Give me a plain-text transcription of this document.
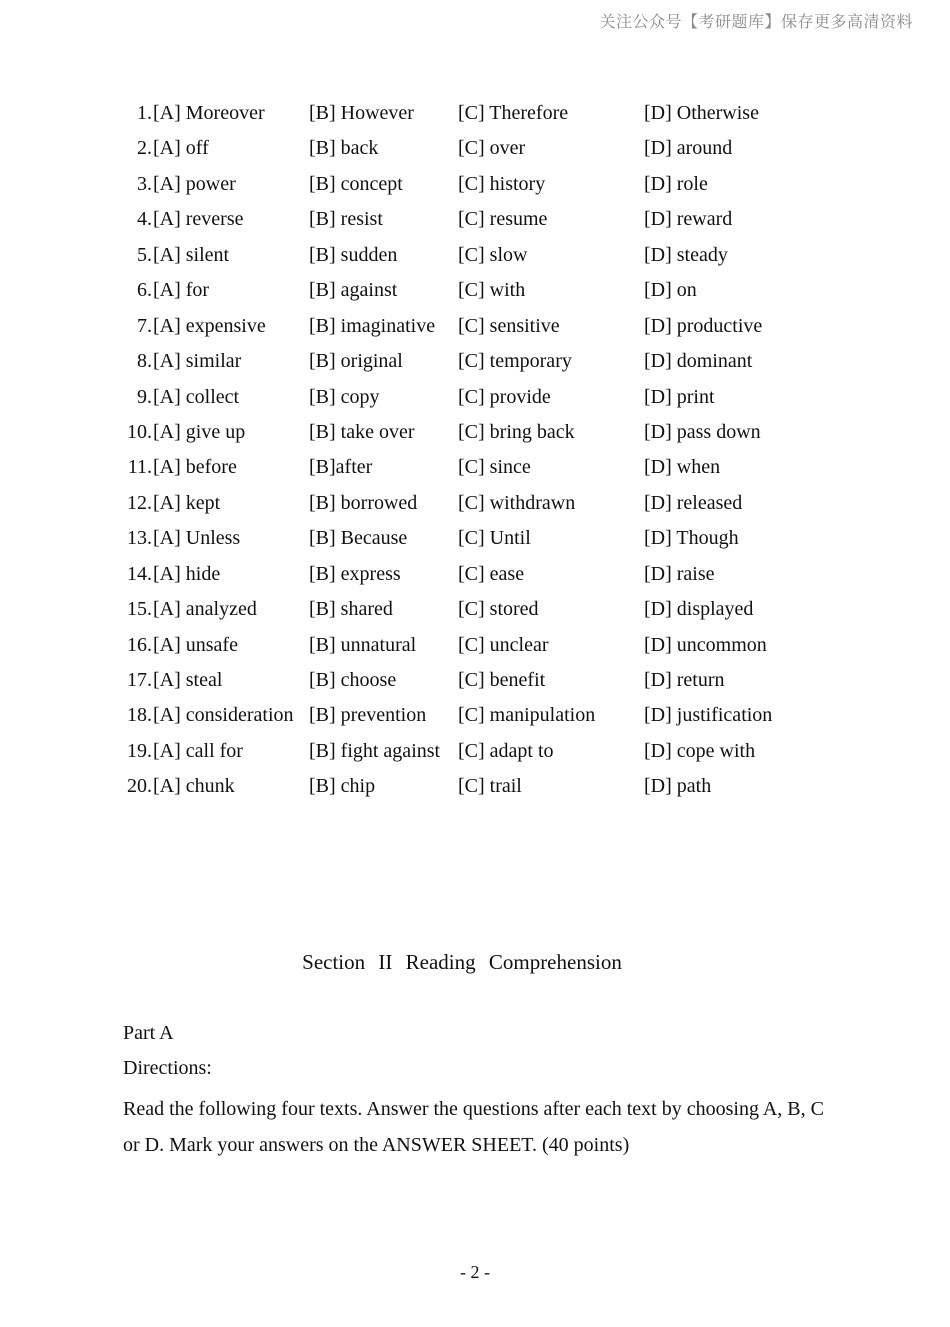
关注公众号【考研题库】保存更多高清资料
1. [A] Moreover [B] However [C] Therefore	[D] Otherwise
2. [A] off	[B] back	[C] over	[D] around
3. [A] power	[B] concept	[C] history	[D] role
4. [A] reverse	[B] resist	[C] resume	[D] reward
5. [A] silent	[B] sudden	[C] slow	[D] steady
6. [A] for	[B] against	[C] with	[D] on
7. [A] expensive [B] imaginative [C] sensitive	[D] productive
8. [A] similar	[B] original	[C] temporary	[D] dominant
9. [A] collect	[B] copy	[C] provide	[D] print
10. [A] give up	[B] take over [C] bring back	[D] pass down
11. [A] before	[B]after	[C] since	[D] when
12. [A] kept	[B] borrowed [C] withdrawn	[D] released
13. [A] Unless	[B] Because	[C] Until	[D] Though
14. [A] hide	[B] express	[C] ease	[D] raise
15. [A] analyzed	[B] shared	[C] stored	[D] displayed
16. [A] unsafe	[B] unnatural [C] unclear	[D] uncommon
17. [A] steal	[B] choose	[C] benefit	[D] return
18. [A] consideration [B] prevention [C] manipulation [D] justification
19. [A] call for	[B] fight against [C] adapt to	[D] cope with
20. [A] chunk	[B] chip	[C] trail	[D] path
Section II Reading Comprehension
Part A
Directions:
Read the following four texts. Answer the questions after each text by choosing A, B, C or D. Mark your answers on the ANSWER SHEET. (40 points)
- 2 -
